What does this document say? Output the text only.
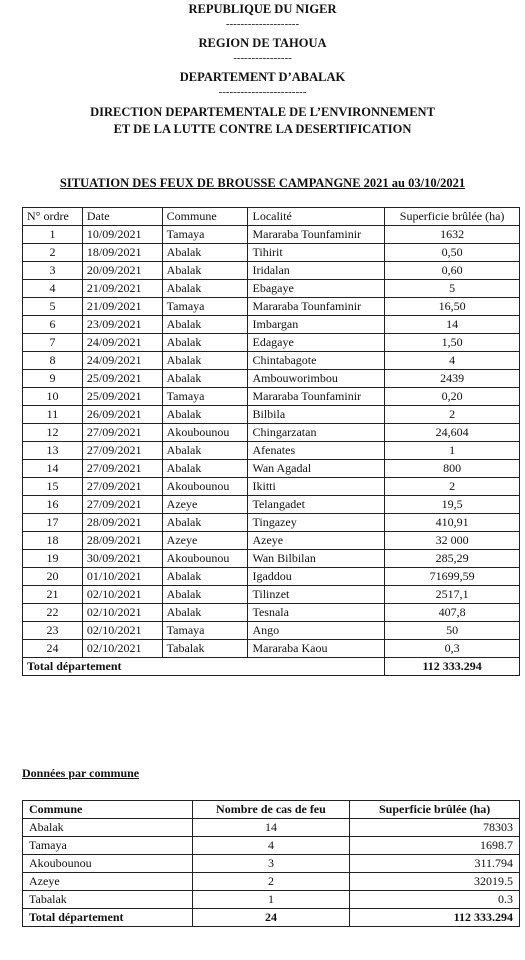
REPUBLIQUE DU NIGER
--------------------
REGION DE TAHOUA
----------------
DEPARTEMENT D’ABALAK
------------------------
DIRECTION DEPARTEMENTALE DE L’ENVIRONNEMENT
ET DE LA LUTTE CONTRE LA DESERTIFICATION
SITUATION DES FEUX DE BROUSSE CAMPANGNE 2021 au 03/10/2021
N° ordre	Date	Commune	Localité	Superficie brûlée (ha)
1	10/09/2021	Tamaya	Mararaba Tounfaminir	1632
2	18/09/2021	Abalak	Tihirit	0,50
3	20/09/2021	Abalak	Iridalan	0,60
4	21/09/2021	Abalak	Ebagaye	5
5	21/09/2021	Tamaya	Mararaba Tounfaminir	16,50
6	23/09/2021	Abalak	Imbargan	14
7	24/09/2021	Abalak	Edagaye	1,50
8	24/09/2021	Abalak	Chintabagote	4
9	25/09/2021	Abalak	Ambouworimbou	2439
10	25/09/2021	Tamaya	Mararaba Tounfaminir	0,20
11	26/09/2021	Abalak	Bilbila	2
12	27/09/2021	Akoubounou	Chingarzatan	24,604
13	27/09/2021	Abalak	Afenates	1
14	27/09/2021	Abalak	Wan Agadal	800
15	27/09/2021	Akoubounou	Ikitti	2
16	27/09/2021	Azeye	Telangadet	19,5
17	28/09/2021	Abalak	Tingazey	410,91
18	28/09/2021	Azeye	Azeye	32 000
19	30/09/2021	Akoubounou	Wan Bilbilan	285,29
20	01/10/2021	Abalak	Igaddou	71699,59
21	02/10/2021	Abalak	Tilinzet	2517,1
22	02/10/2021	Abalak	Tesnala	407,8
23	02/10/2021	Tamaya	Ango	50
24	02/10/2021	Tabalak	Mararaba Kaou	0,3
Total département				112 333.294
Données par commune
Commune	Nombre de cas de feu	Superficie brûlée (ha)
Abalak	14	78303
Tamaya	4	1698.7
Akoubounou	3	311.794
Azeye	2	32019.5
Tabalak	1	0.3
Total département	24	112 333.294
